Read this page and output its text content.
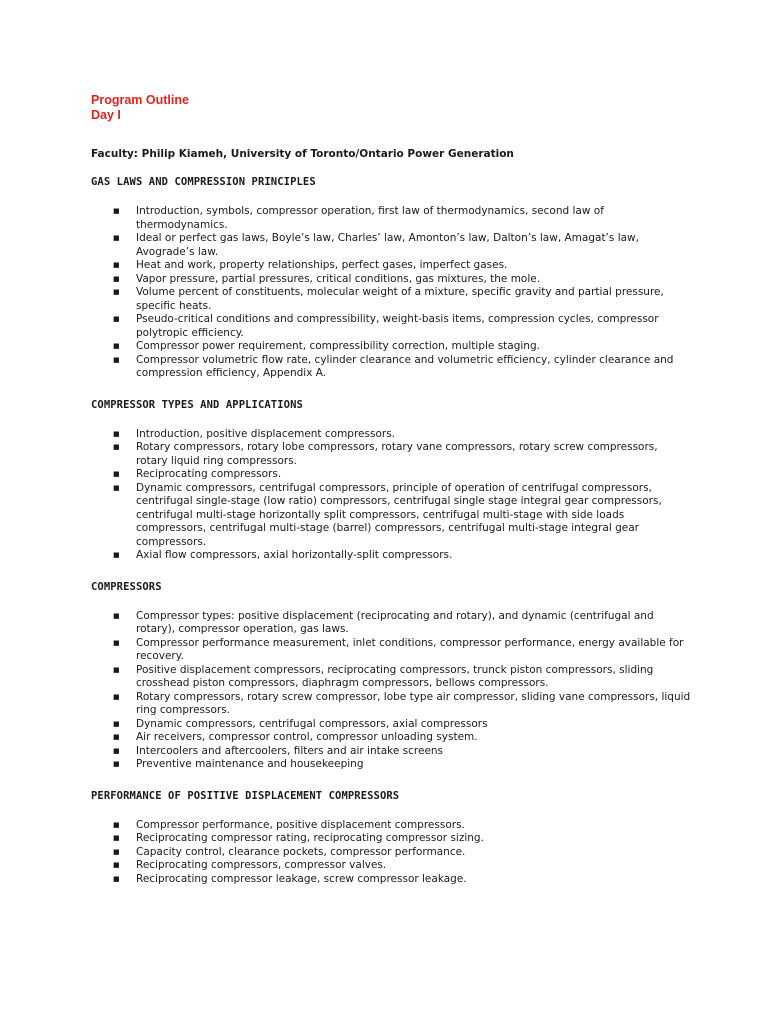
Program Outline

Day I

Faculty: Philip Kiameh, University of Toronto/Ontario Power Generation

GAS LAWS AND COMPRESSION PRINCIPLES

■ Introduction, symbols, compressor operation, first law of thermodynamics, second law of thermodynamics.
■ Ideal or perfect gas laws, Boyle’s law, Charles’ law, Amonton’s law, Dalton’s law, Amagat’s law, Avograde’s law.
■ Heat and work, property relationships, perfect gases, imperfect gases.
■ Vapor pressure, partial pressures, critical conditions, gas mixtures, the mole.
■ Volume percent of constituents, molecular weight of a mixture, specific gravity and partial pressure, specific heats.
■ Pseudo-critical conditions and compressibility, weight-basis items, compression cycles, compressor polytropic efficiency.
■ Compressor power requirement, compressibility correction, multiple staging.
■ Compressor volumetric flow rate, cylinder clearance and volumetric efficiency, cylinder clearance and compression efficiency, Appendix A.

COMPRESSOR TYPES AND APPLICATIONS

■ Introduction, positive displacement compressors.
■ Rotary compressors, rotary lobe compressors, rotary vane compressors, rotary screw compressors, rotary liquid ring compressors.
■ Reciprocating compressors.
■ Dynamic compressors, centrifugal compressors, principle of operation of centrifugal compressors, centrifugal single-stage (low ratio) compressors, centrifugal single stage integral gear compressors, centrifugal multi-stage horizontally split compressors, centrifugal multi-stage with side loads compressors, centrifugal multi-stage (barrel) compressors, centrifugal multi-stage integral gear compressors.
■ Axial flow compressors, axial horizontally-split compressors.

COMPRESSORS

■ Compressor types: positive displacement (reciprocating and rotary), and dynamic (centrifugal and rotary), compressor operation, gas laws.
■ Compressor performance measurement, inlet conditions, compressor performance, energy available for recovery.
■ Positive displacement compressors, reciprocating compressors, trunck piston compressors, sliding crosshead piston compressors, diaphragm compressors, bellows compressors.
■ Rotary compressors, rotary screw compressor, lobe type air compressor, sliding vane compressors, liquid ring compressors.
■ Dynamic compressors, centrifugal compressors, axial compressors
■ Air receivers, compressor control, compressor unloading system.
■ Intercoolers and aftercoolers, filters and air intake screens
■ Preventive maintenance and housekeeping

PERFORMANCE OF POSITIVE DISPLACEMENT COMPRESSORS

■ Compressor performance, positive displacement compressors.
■ Reciprocating compressor rating, reciprocating compressor sizing.
■ Capacity control, clearance pockets, compressor performance.
■ Reciprocating compressors, compressor valves.
■ Reciprocating compressor leakage, screw compressor leakage.
